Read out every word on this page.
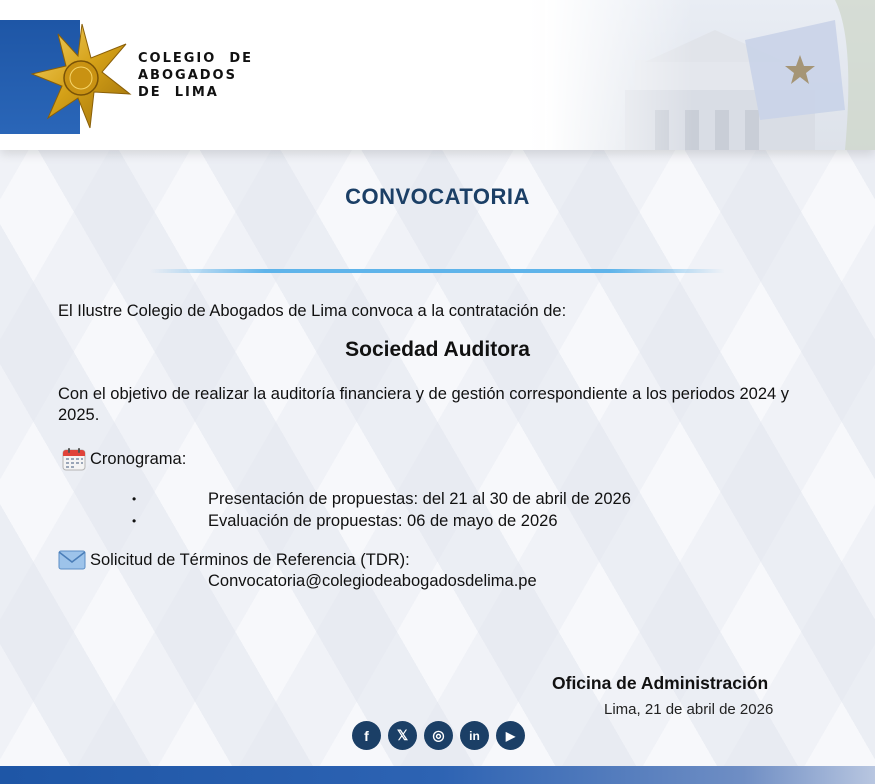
COLEGIO  DE
ABOGADOS
DE  LIMA
CONVOCATORIA
El Ilustre Colegio de Abogados de Lima convoca a la contratación de:
Sociedad Auditora
Con el objetivo de realizar la auditoría financiera y de gestión correspondiente a los periodos 2024 y 2025.
Cronograma:
•	Presentación de propuestas: del 21 al 30 de abril de 2026
•	Evaluación de propuestas: 06 de mayo de 2026
Solicitud de Términos de Referencia (TDR):
Convocatoria@colegiodeabogadosdelima.pe
Oficina de Administración
Lima, 21 de abril de 2026
f	𝕏	◎	in	▶
